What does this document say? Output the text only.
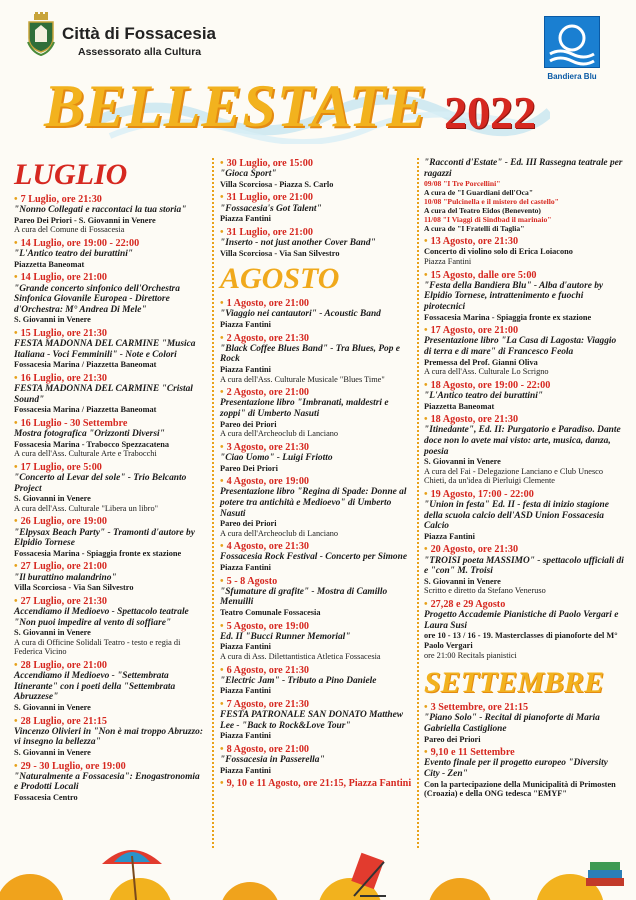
Città di Fossacesia
Assessorato alla Cultura
Bandiera Blu
BELLESTATE 2022
LUGLIO
• 7 Luglio, ore 21:30
"Nonno Collegati e raccontaci la tua storia"
Pareo Dei Priori - S. Giovanni in Venere
A cura del Comune di Fossacesia
• 14 Luglio, ore 19:00 - 22:00
"L'Antico teatro dei burattini"
Piazzetta Baneomat
• 14 Luglio, ore 21:00
"Grande concerto sinfonico dell'Orchestra Sinfonica Giovanile Europea - Direttore d'Orchestra: M° Andrea Di Mele"
S. Giovanni in Venere
• 15 Luglio, ore 21:30
FESTA MADONNA DEL CARMINE "Musica Italiana - Voci Femminili" - Note e Colori
Fossacesia Marina / Piazzetta Baneomat
• 16 Luglio, ore 21:30
FESTA MADONNA DEL CARMINE "Cristal Sound"
Fossacesia Marina / Piazzetta Baneomat
• 16 Luglio - 30 Settembre
Mostra fotografica "Orizzonti Diversi"
Fossacesia Marina - Trabocco Spezzacatena
A cura dell'Ass. Culturale Arte e Trabocchi
• 17 Luglio, ore 5:00
"Concerto al Levar del sole" - Trio Belcanto Project
S. Giovanni in Venere
A cura dell'Ass. Culturale "Libera un libro"
• 26 Luglio, ore 19:00
"Elpysax Beach Party" - Tramonti d'autore by Elpidio Tornese
Fossacesia Marina - Spiaggia fronte ex stazione
• 27 Luglio, ore 21:00
"Il burattino malandrino"
Villa Scorciosa - Via San Silvestro
• 27 Luglio, ore 21:30
Accendiamo il Medioevo - Spettacolo teatrale "Non puoi impedire al vento di soffiare"
S. Giovanni in Venere
A cura di Officine Solidali Teatro - testo e regia di Federica Vicino
• 28 Luglio, ore 21:00
Accendiamo il Medioevo - "Settembrata Itinerante" con i poeti della "Settembrata Abruzzese"
S. Giovanni in Venere
• 28 Luglio, ore 21:15
Vincenzo Olivieri in "Non è mai troppo Abruzzo: vi insegno la bellezza"
S. Giovanni in Venere
• 29 - 30 Luglio, ore 19:00
"Naturalmente a Fossacesia": Enogastronomia e Prodotti Locali
Fossacesia Centro
• 30 Luglio, ore 15:00
"Gioca Sport"
Villa Scorciosa - Piazza S. Carlo
• 31 Luglio, ore 21:00
"Fossacesia's Got Talent"
Piazza Fantini
• 31 Luglio, ore 21:00
"Inserto - not just another Cover Band"
Villa Scorciosa - Via San Silvestro
AGOSTO
• 1 Agosto, ore 21:00
"Viaggio nei cantautori" - Acoustic Band
Piazza Fantini
• 2 Agosto, ore 21:30
"Black Coffee Blues Band" - Tra Blues, Pop e Rock
Piazza Fantini
A cura dell'Ass. Culturale Musicale "Blues Time"
• 2 Agosto, ore 21:00
Presentazione libro "Imbranati, maldestri e zoppi" di Umberto Nasuti
Pareo dei Priori
A cura dell'Archeoclub di Lanciano
• 3 Agosto, ore 21:30
"Ciao Uomo" - Luigi Friotto
Pareo Dei Priori
• 4 Agosto, ore 19:00
Presentazione libro "Regina di Spade: Donne al potere tra antichità e Medioevo" di Umberto Nasuti
Pareo dei Priori
A cura dell'Archeoclub di Lanciano
• 4 Agosto, ore 21:30
Fossacesia Rock Festival - Concerto per Simone
Piazza Fantini
• 5 - 8 Agosto
"Sfumature di grafite" - Mostra di Camillo Menuilli
Teatro Comunale Fossacesia
• 5 Agosto, ore 19:00
Ed. II "Bucci Runner Memorial"
Piazza Fantini
A cura di Ass. Dilettantistica Atletica Fossacesia
• 6 Agosto, ore 21:30
"Electric Jam" - Tributo a Pino Daniele
Piazza Fantini
• 7 Agosto, ore 21:30
FESTA PATRONALE SAN DONATO Matthew Lee - "Back to Rock&Love Tour"
Piazza Fantini
• 8 Agosto, ore 21:00
"Fossacesia in Passerella"
Piazza Fantini
• 9, 10 e 11 Agosto, ore 21:15, Piazza Fantini
"Racconti d'Estate" - Ed. III Rassegna teatrale per ragazzi
09/08 "I Tre Porcellini"
A cura de "I Guardiani dell'Oca"
10/08 "Pulcinella e il mistero del castello"
A cura del Teatro Eidos (Benevento)
11/08 "I Viaggi di Sindbad il marinaio"
A cura de "I Fratelli di Taglia"
• 13 Agosto, ore 21:30
Concerto di violino solo di Erica Loiacono
Piazza Fantini
• 15 Agosto, dalle ore 5:00
"Festa della Bandiera Blu" - Alba d'autore by Elpidio Tornese, intrattenimento e fuochi pirotecnici
Fossacesia Marina - Spiaggia fronte ex stazione
• 17 Agosto, ore 21:00
Presentazione libro "La Casa di Lagosta: Viaggio di terra e di mare" di Francesco Feola
Premessa del Prof. Gianni Oliva
A cura dell'Ass. Culturale Lo Scrigno
• 18 Agosto, ore 19:00 - 22:00
"L'Antico teatro dei burattini"
Piazzetta Baneomat
• 18 Agosto, ore 21:30
"Itinedante", Ed. II: Purgatorio e Paradiso. Dante doce non lo avete mai visto: arte, musica, danza, poesia
S. Giovanni in Venere
A cura del Fai - Delegazione Lanciano e Club Unesco Chieti, da un'idea di Pierluigi Clemente
• 19 Agosto, 17:00 - 22:00
"Union in festa" Ed. II - festa di inizio stagione della scuola calcio dell'ASD Union Fossacesia Calcio
Piazza Fantini
• 20 Agosto, ore 21:30
"TROISI poeta MASSIMO" - spettacolo ufficiali di e "con" M. Troisi
S. Giovanni in Venere
Scritto e diretto da Stefano Veneruso
• 27,28 e 29 Agosto
Progetto Accademie Pianistiche di Paolo Vergari e Laura Susi
ore 10 - 13 / 16 - 19. Masterclasses di pianoforte del M° Paolo Vergari
ore 21:00 Recitals pianistici
SETTEMBRE
• 3 Settembre, ore 21:15
"Piano Solo" - Recital di pianoforte di Maria Gabriella Castiglione
Pareo dei Priori
• 9,10 e 11 Settembre
Evento finale per il progetto europeo "Diversity City - Zen"
Con la partecipazione della Municipalità di Primosten (Croazia) e della ONG tedesca "EMYF"
